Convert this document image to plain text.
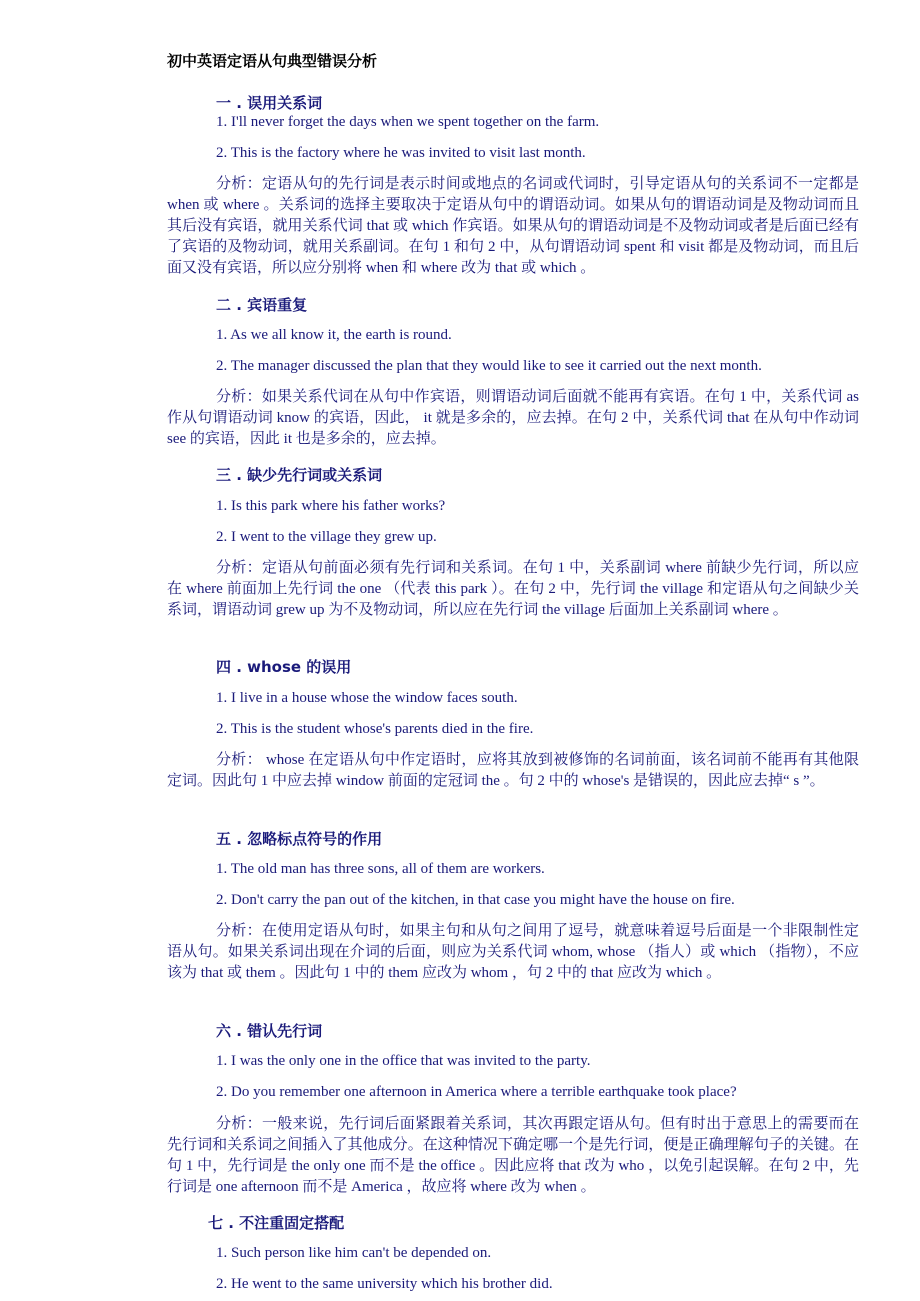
初中英语定语从句典型错误分析
一 . 误用关系词
1. I'll never forget the days when we spent together on the farm.
2. This is the factory where he was invited to visit last month.

分析：定语从句的先行词是表示时间或地点的名词或代词时，引导定语从句的关系词不一定都是 when 或 where 。关系词的选择主要取决于定语从句中的谓语动词。如果从句的谓语动词是及物动词而且其后没有宾语，就用关系代词 that 或 which 作宾语。如果从句的谓语动词是不及物动词或者是后面已经有了宾语的及物动词，就用关系副词。在句 1 和句 2 中，从句谓语动词 spent 和 visit 都是及物动词，而且后面又没有宾语，所以应分别将 when 和 where 改为 that 或 which 。

二 . 宾语重复
1. As we all know it, the earth is round.
2. The manager discussed the plan that they would like to see it carried out the next month.

分析：如果关系代词在从句中作宾语，则谓语动词后面就不能再有宾语。在句 1 中，关系代词 as 作从句谓语动词 know 的宾语，因此， it 就是多余的，应去掉。在句 2 中，关系代词 that 在从句中作动词 see 的宾语，因此 it 也是多余的，应去掉。

三 . 缺少先行词或关系词
1. Is this park where his father works?
2. I went to the village they grew up.

分析：定语从句前面必须有先行词和关系词。在句 1 中，关系副词 where 前缺少先行词，所以应在 where 前面加上先行词 the one （代表 this park ）。在句 2 中，先行词 the village 和定语从句之间缺少关系词，谓语动词 grew up 为不及物动词，所以应在先行词 the village 后面加上关系副词 where 。

四 . whose 的误用
1. I live in a house whose the window faces south.
2. This is the student whose's parents died in the fire.

分析： whose 在定语从句中作定语时，应将其放到被修饰的名词前面，该名词前不能再有其他限定词。因此句 1 中应去掉 window 前面的定冠词 the 。句 2 中的 whose's 是错误的，因此应去掉“ s ”。

五 . 忽略标点符号的作用
1. The old man has three sons, all of them are workers.
2. Don't carry the pan out of the kitchen, in that case you might have the house on fire.

分析：在使用定语从句时，如果主句和从句之间用了逗号，就意味着逗号后面是一个非限制性定语从句。如果关系词出现在介词的后面，则应为关系代词 whom, whose （指人）或 which （指物），不应该为 that 或 them 。因此句 1 中的 them 应改为 whom ，句 2 中的 that 应改为 which 。

六 . 错认先行词
1. I was the only one in the office that was invited to the party.
2. Do you remember one afternoon in America where a terrible earthquake took place?

分析：一般来说，先行词后面紧跟着关系词，其次再跟定语从句。但有时出于意思上的需要而在先行词和关系词之间插入了其他成分。在这种情况下确定哪一个是先行词，便是正确理解句子的关键。在句 1 中，先行词是 the only one 而不是 the office 。因此应将 that 改为 who ，以免引起误解。在句 2 中，先行词是 one afternoon 而不是 America ，故应将 where 改为 when 。

七 . 不注重固定搭配
1. Such person like him can't be depended on.
2. He went to the same university which his brother did.
